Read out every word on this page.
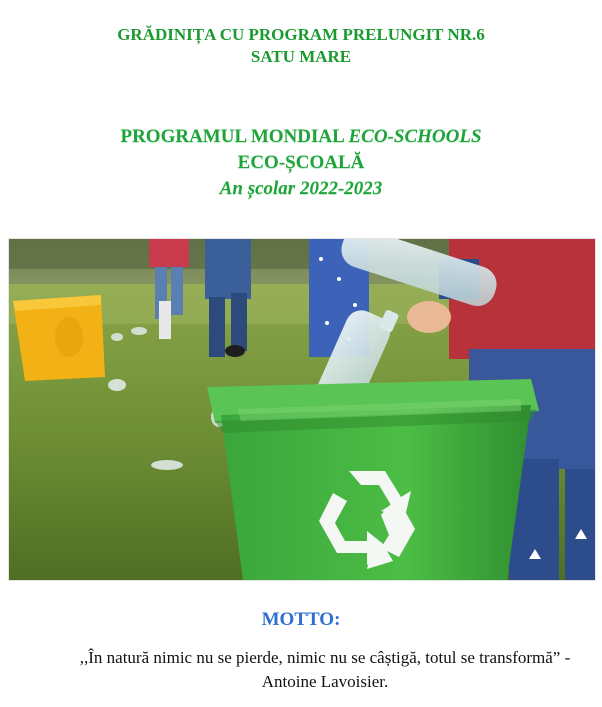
GRĂDINIȚA CU PROGRAM PRELUNGIT NR.6
SATU MARE
PROGRAMUL MONDIAL ECO-SCHOOLS
ECO-ȘCOALĂ
An școlar 2022-2023
MOTTO:
,,În natură nimic nu se pierde, nimic nu se câștigă, totul se transformă” - Antoine Lavoisier.
